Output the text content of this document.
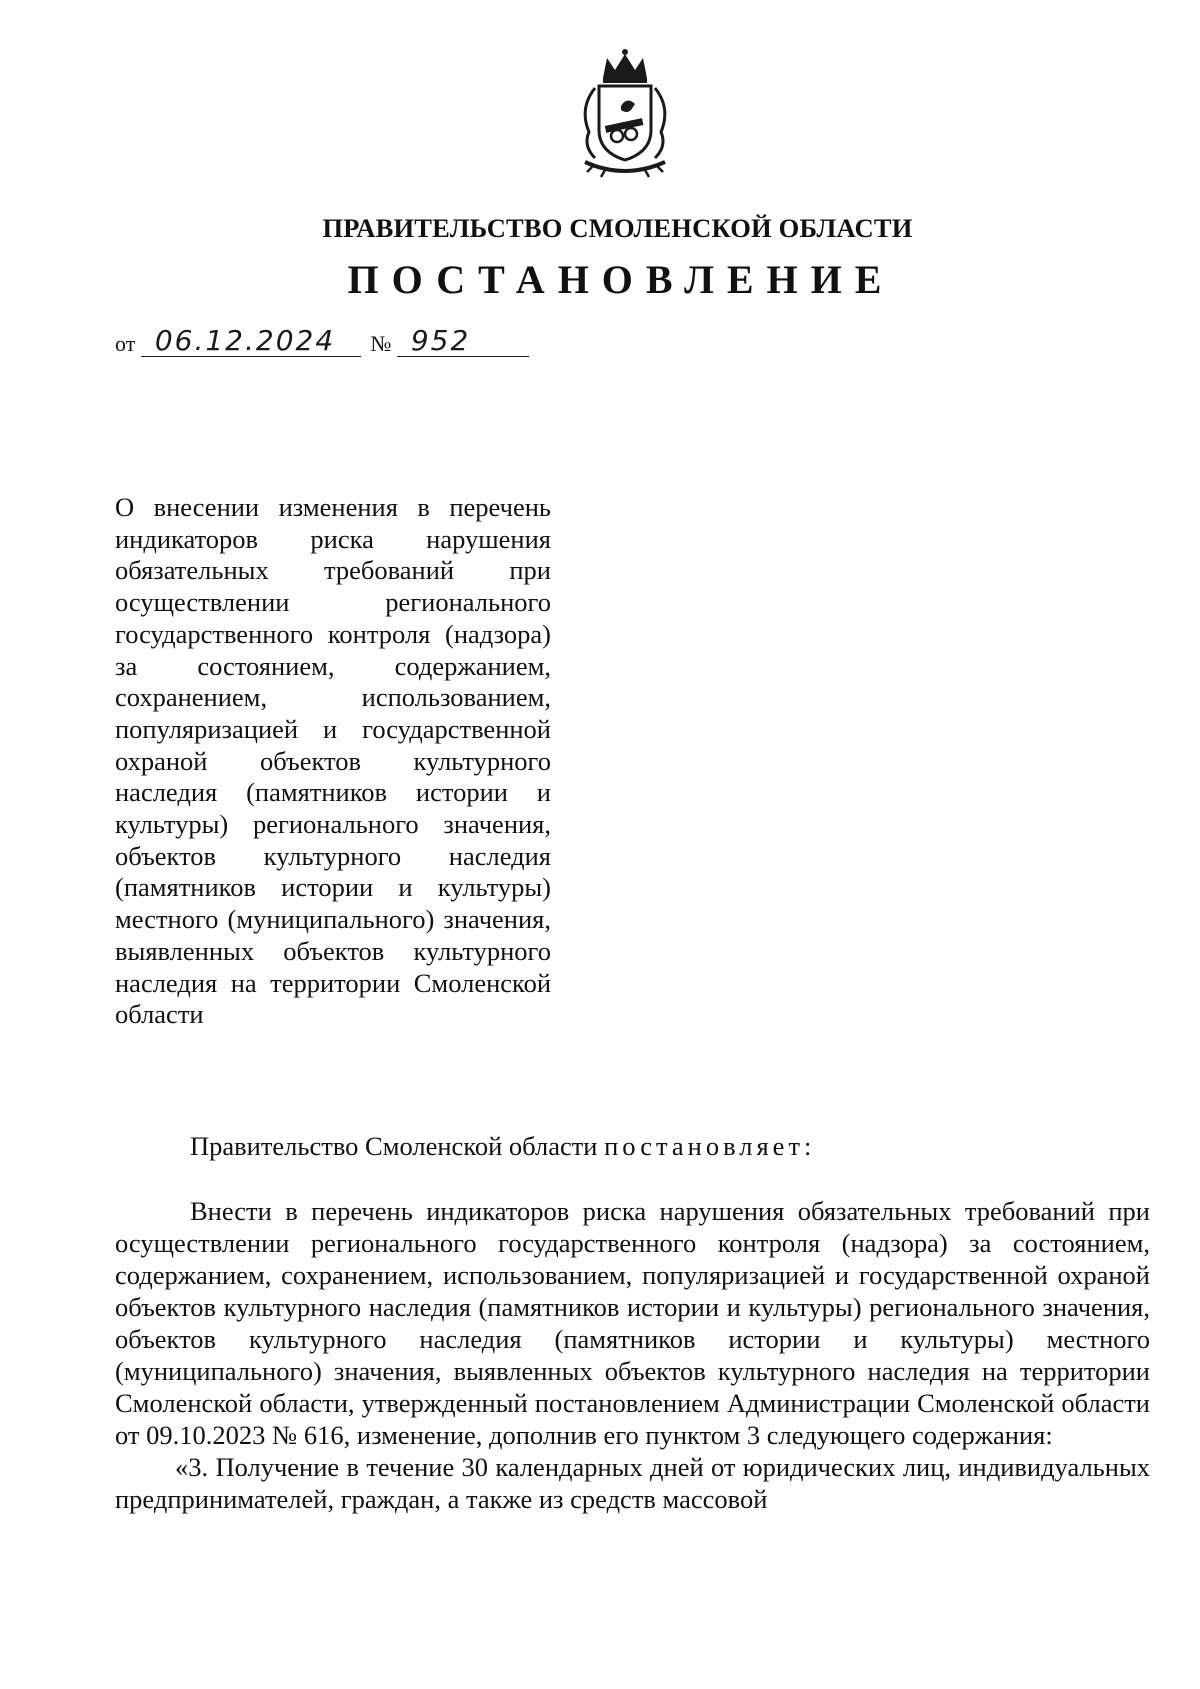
ПРАВИТЕЛЬСТВО СМОЛЕНСКОЙ ОБЛАСТИ
ПОСТАНОВЛЕНИЕ
от 06.12.2024 № 952
О внесении изменения в перечень индикаторов риска нарушения обязательных требований при осуществлении регионального государственного контроля (надзора) за состоянием, содержанием, сохранением, использованием, популяризацией и государственной охраной объектов культурного наследия (памятников истории и культуры) регионального значения, объектов культурного наследия (памятников истории и культуры) местного (муниципального) значения, выявленных объектов культурного наследия на территории Смоленской области
Правительство Смоленской области постановляет:

Внести в перечень индикаторов риска нарушения обязательных требований при осуществлении регионального государственного контроля (надзора) за состоянием, содержанием, сохранением, использованием, популяризацией и государственной охраной объектов культурного наследия (памятников истории и культуры) регионального значения, объектов культурного наследия (памятников истории и культуры) местного (муниципального) значения, выявленных объектов культурного наследия на территории Смоленской области, утвержденный постановлением Администрации Смоленской области от 09.10.2023 № 616, изменение, дополнив его пунктом 3 следующего содержания:

«3. Получение в течение 30 календарных дней от юридических лиц, индивидуальных предпринимателей, граждан, а также из средств массовой
